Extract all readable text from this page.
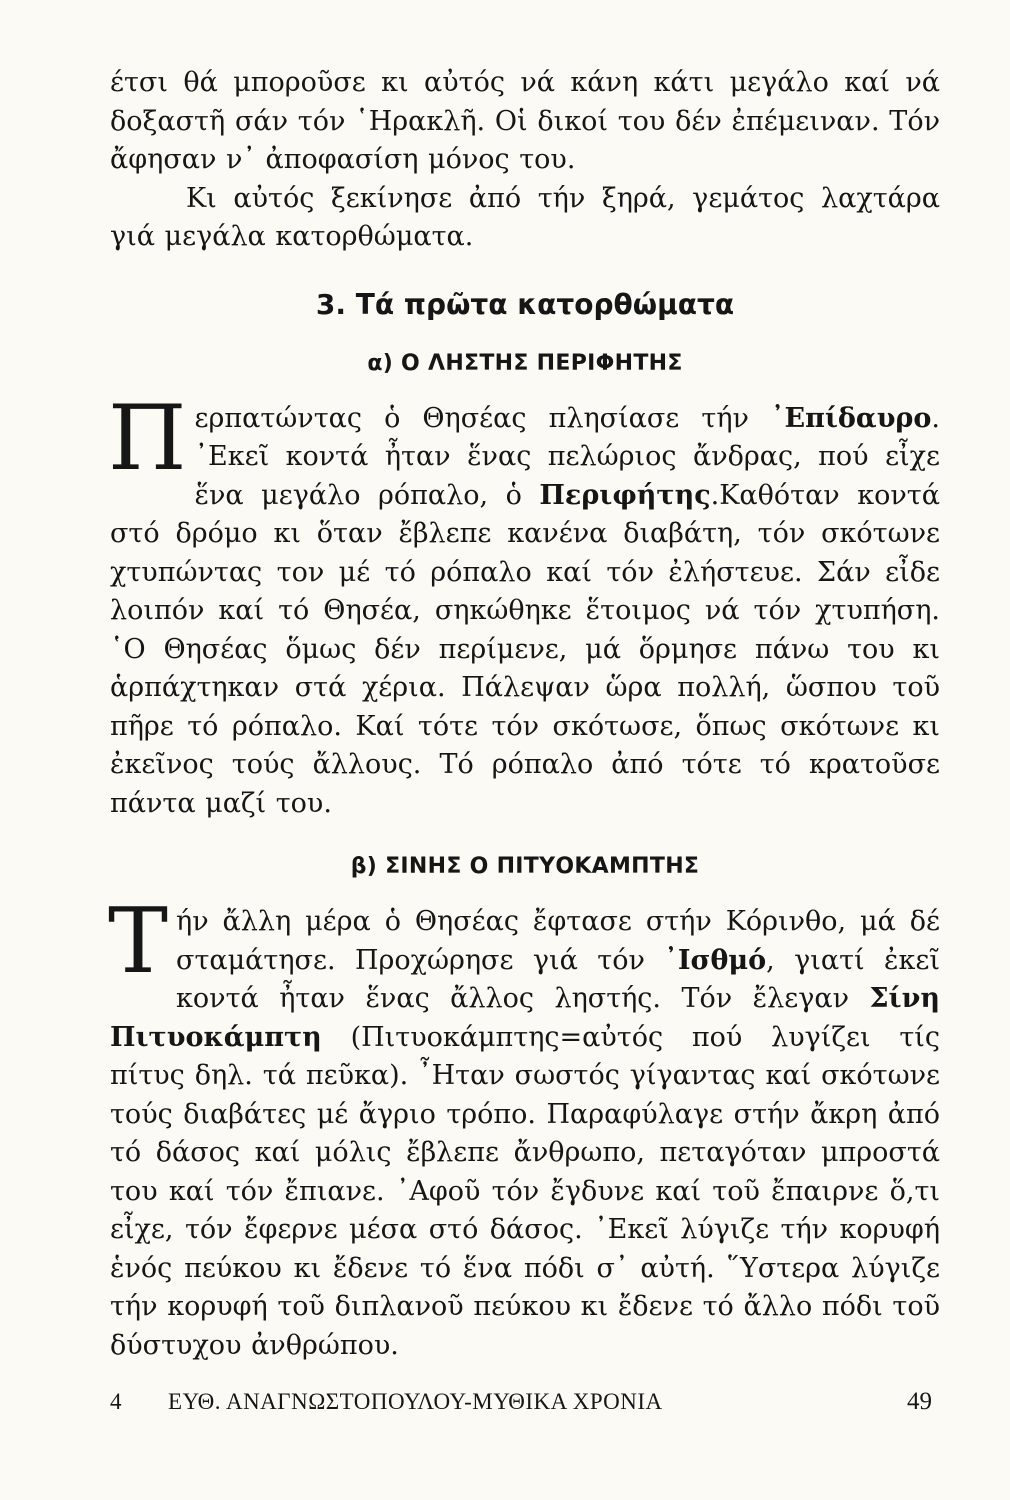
έτσι θά μποροῦσε κι αὐτός νά κάνη κάτι μεγάλο καί νά δοξαστῆ σάν τόν ῾Ηρακλῆ. Οἱ δικοί του δέν ἐπέμειναν. Τόν ἄφησαν ν᾽ ἀποφασίση μόνος του.

Κι αὐτός ξεκίνησε ἀπό τήν ξηρά, γεμάτος λαχτάρα γιά μεγάλα κατορθώματα.

3. Τά πρῶτα κατορθώματα
α) Ο ΛΗΣΤΗΣ ΠΕΡΙΦΗΤΗΣ

Περπατώντας ὁ Θησέας πλησίασε τήν ᾽Επίδαυρο. ᾽Εκεῖ κοντά ἦταν ἕνας πελώριος ἄνδρας, πού εἶχε ἕνα μεγάλο ρόπαλο, ὁ Περιφήτης.Καθόταν κοντά στό δρόμο κι ὅταν ἔβλεπε κανένα διαβάτη, τόν σκότωνε χτυπώντας τον μέ τό ρόπαλο καί τόν ἐλήστευε. Σάν εἶδε λοιπόν καί τό Θησέα, σηκώθηκε ἕτοιμος νά τόν χτυπήση. ῾Ο Θησέας ὅμως δέν περίμενε, μά ὅρμησε πάνω του κι ἁρπάχτηκαν στά χέρια. Πάλεψαν ὥρα πολλή, ὥσπου τοῦ πῆρε τό ρόπαλο. Καί τότε τόν σκότωσε, ὅπως σκότωνε κι ἐκεῖνος τούς ἄλλους. Τό ρόπαλο ἀπό τότε τό κρατοῦσε πάντα μαζί του.

β) ΣΙΝΗΣ Ο ΠΙΤΥΟΚΑΜΠΤΗΣ

Τήν ἄλλη μέρα ὁ Θησέας ἔφτασε στήν Κόρινθο, μά δέ σταμάτησε. Προχώρησε γιά τόν ᾽Ισθμό, γιατί ἐκεῖ κοντά ἦταν ἕνας ἄλλος ληστής. Τόν ἔλεγαν Σίνη Πιτυοκάμπτη (Πιτυοκάμπτης=αὐτός πού λυγίζει τίς πίτυς δηλ. τά πεῦκα). ῏Ηταν σωστός γίγαντας καί σκότωνε τούς διαβάτες μέ ἄγριο τρόπο. Παραφύλαγε στήν ἄκρη ἀπό τό δάσος καί μόλις ἔβλεπε ἄνθρωπο, πεταγόταν μπροστά του καί τόν ἔπιανε. ᾽Αφοῦ τόν ἔγδυνε καί τοῦ ἔπαιρνε ὅ,τι εἶχε, τόν ἔφερνε μέσα στό δάσος. ᾽Εκεῖ λύγιζε τήν κορυφή ἑνός πεύκου κι ἔδενε τό ἕνα πόδι σ᾽ αὐτή. ῞Υστερα λύγιζε τήν κορυφή τοῦ διπλανοῦ πεύκου κι ἔδενε τό ἄλλο πόδι τοῦ δύστυχου ἀνθρώπου.

4 ΕΥΘ. ΑΝΑΓΝΩΣΤΟΠΟΥΛΟΥ-ΜΥΘΙΚΑ ΧΡΟΝΙΑ	49
